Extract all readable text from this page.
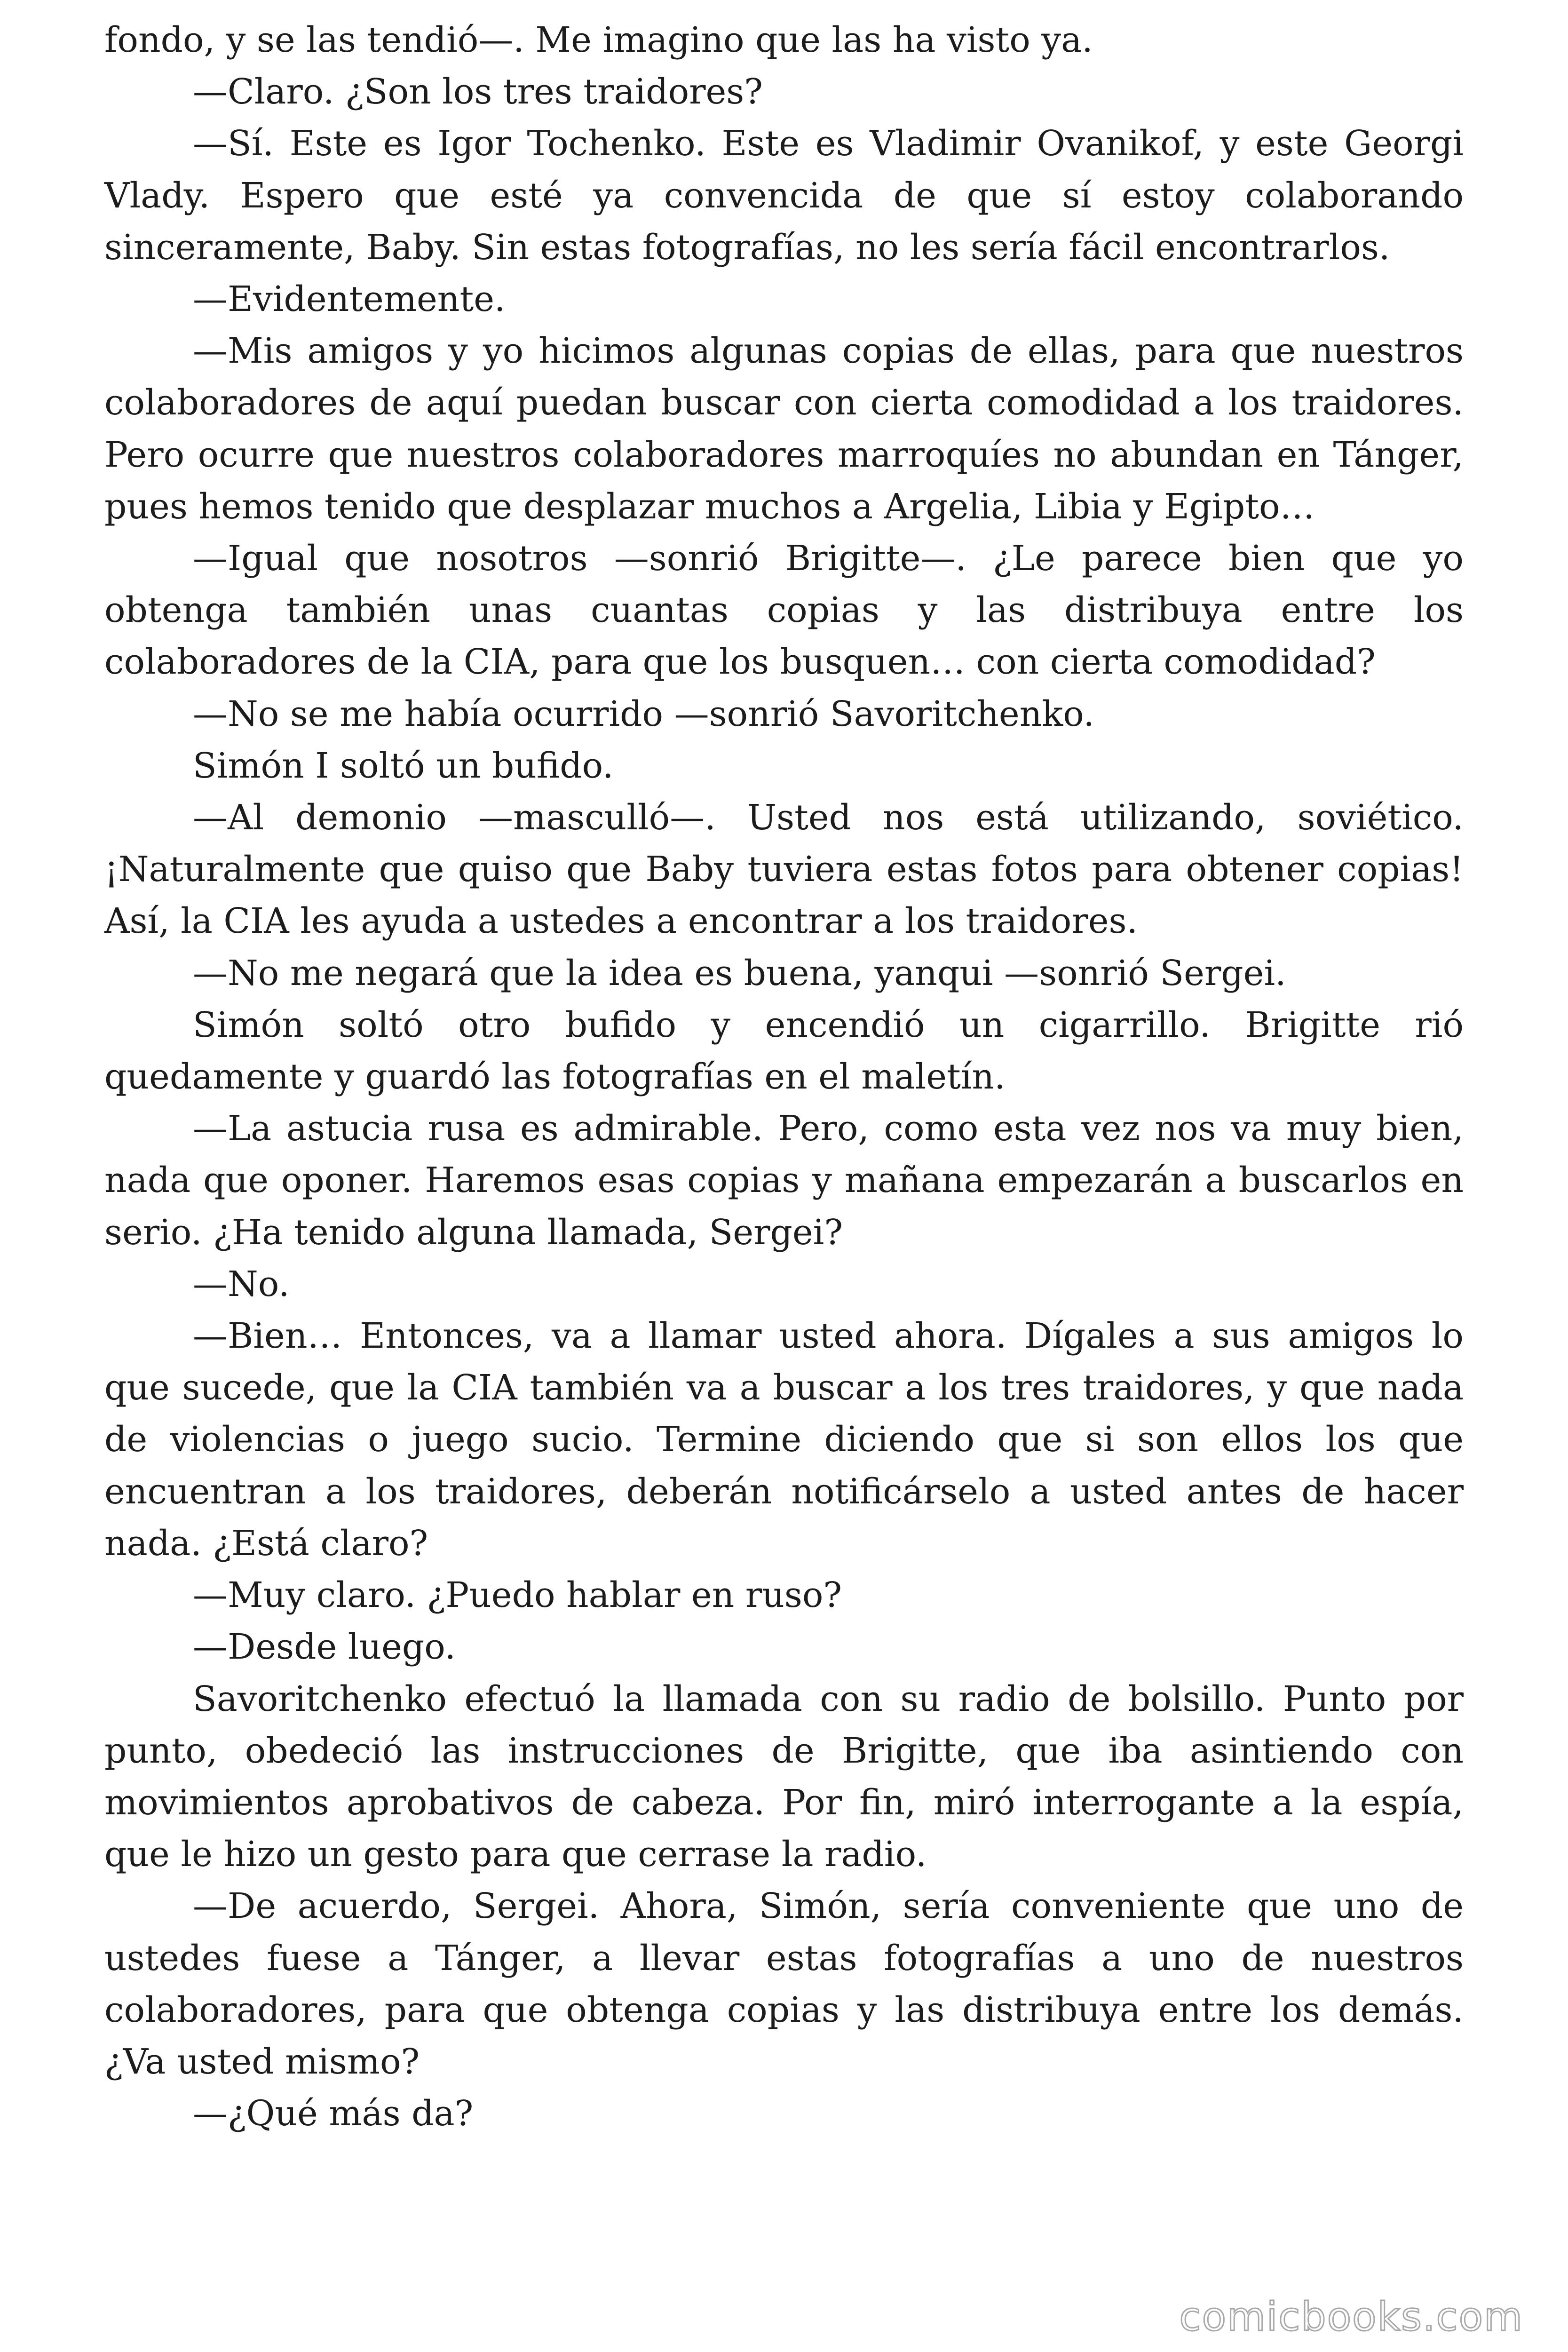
fondo, y se las tendió—. Me imagino que las ha visto ya.

—Claro. ¿Son los tres traidores?

—Sí. Este es Igor Tochenko. Este es Vladimir Ovanikof, y este Georgi Vlady. Espero que esté ya convencida de que sí estoy colaborando sinceramente, Baby. Sin estas fotografías, no les sería fácil encontrarlos.

—Evidentemente.

—Mis amigos y yo hicimos algunas copias de ellas, para que nuestros colaboradores de aquí puedan buscar con cierta comodidad a los traidores. Pero ocurre que nuestros colaboradores marroquíes no abundan en Tánger, pues hemos tenido que desplazar muchos a Argelia, Libia y Egipto…

—Igual que nosotros —sonrió Brigitte—. ¿Le parece bien que yo obtenga también unas cuantas copias y las distribuya entre los colaboradores de la CIA, para que los busquen… con cierta comodidad?

—No se me había ocurrido —sonrió Savoritchenko.

Simón I soltó un bufido.

—Al demonio —masculló—. Usted nos está utilizando, soviético. ¡Naturalmente que quiso que Baby tuviera estas fotos para obtener copias! Así, la CIA les ayuda a ustedes a encontrar a los traidores.

—No me negará que la idea es buena, yanqui —sonrió Sergei.

Simón soltó otro bufido y encendió un cigarrillo. Brigitte rió quedamente y guardó las fotografías en el maletín.

—La astucia rusa es admirable. Pero, como esta vez nos va muy bien, nada que oponer. Haremos esas copias y mañana empezarán a buscarlos en serio. ¿Ha tenido alguna llamada, Sergei?

—No.

—Bien… Entonces, va a llamar usted ahora. Dígales a sus amigos lo que sucede, que la CIA también va a buscar a los tres traidores, y que nada de violencias o juego sucio. Termine diciendo que si son ellos los que encuentran a los traidores, deberán notificárselo a usted antes de hacer nada. ¿Está claro?

—Muy claro. ¿Puedo hablar en ruso?

—Desde luego.

Savoritchenko efectuó la llamada con su radio de bolsillo. Punto por punto, obedeció las instrucciones de Brigitte, que iba asintiendo con movimientos aprobativos de cabeza. Por fin, miró interrogante a la espía, que le hizo un gesto para que cerrase la radio.

—De acuerdo, Sergei. Ahora, Simón, sería conveniente que uno de ustedes fuese a Tánger, a llevar estas fotografías a uno de nuestros colaboradores, para que obtenga copias y las distribuya entre los demás. ¿Va usted mismo?

—¿Qué más da?

comicbooks.com
